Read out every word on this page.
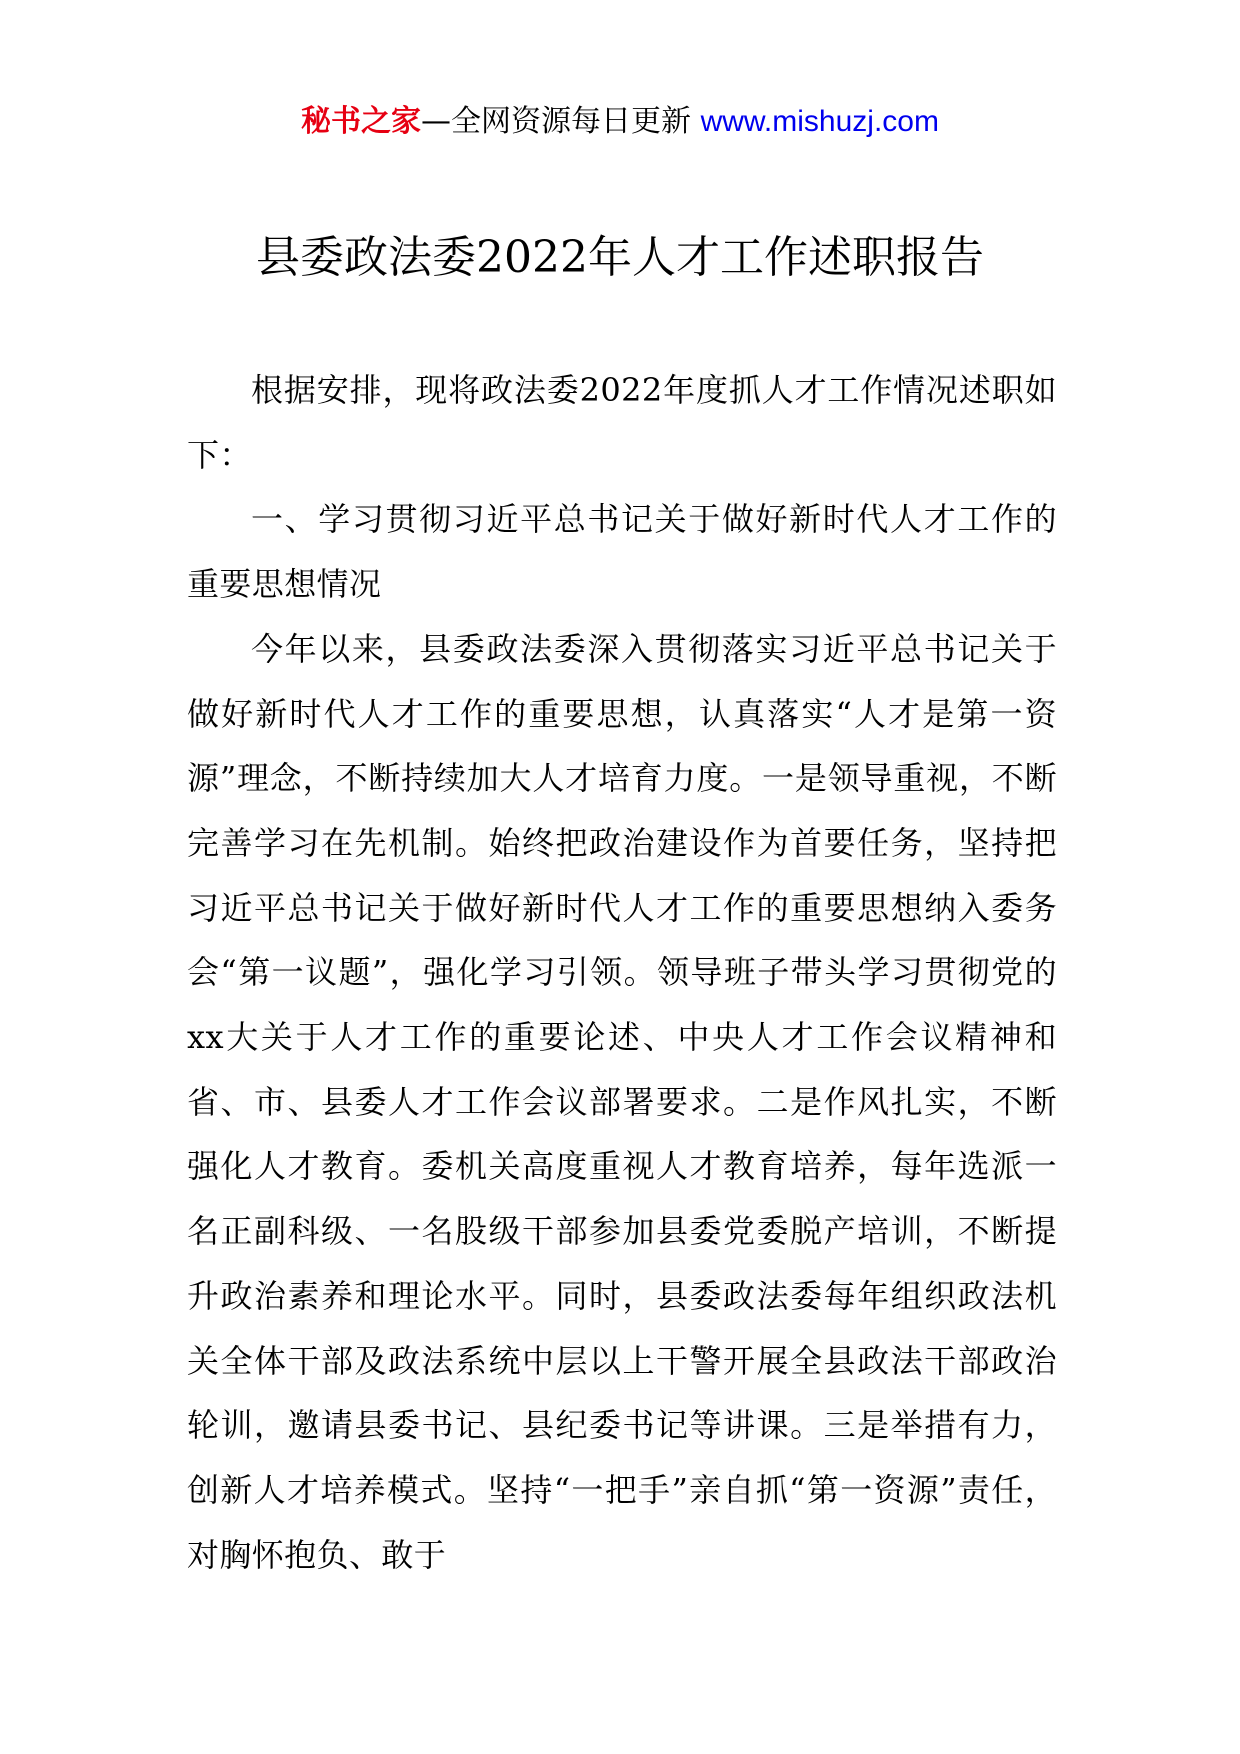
秘书之家—全网资源每日更新 www.mishuzj.com
县委政法委2022年人才工作述职报告

根据安排，现将政法委2022年度抓人才工作情况述职如下：

一、学习贯彻习近平总书记关于做好新时代人才工作的重要思想情况

今年以来，县委政法委深入贯彻落实习近平总书记关于做好新时代人才工作的重要思想，认真落实“人才是第一资源”理念，不断持续加大人才培育力度。一是领导重视，不断完善学习在先机制。始终把政治建设作为首要任务，坚持把习近平总书记关于做好新时代人才工作的重要思想纳入委务会“第一议题”，强化学习引领。领导班子带头学习贯彻党的xx大关于人才工作的重要论述、中央人才工作会议精神和省、市、县委人才工作会议部署要求。二是作风扎实，不断强化人才教育。委机关高度重视人才教育培养，每年选派一名正副科级、一名股级干部参加县委党委脱产培训，不断提升政治素养和理论水平。同时，县委政法委每年组织政法机关全体干部及政法系统中层以上干警开展全县政法干部政治轮训，邀请县委书记、县纪委书记等讲课。三是举措有力，创新人才培养模式。坚持“一把手”亲自抓“第一资源”责任，对胸怀抱负、敢于
